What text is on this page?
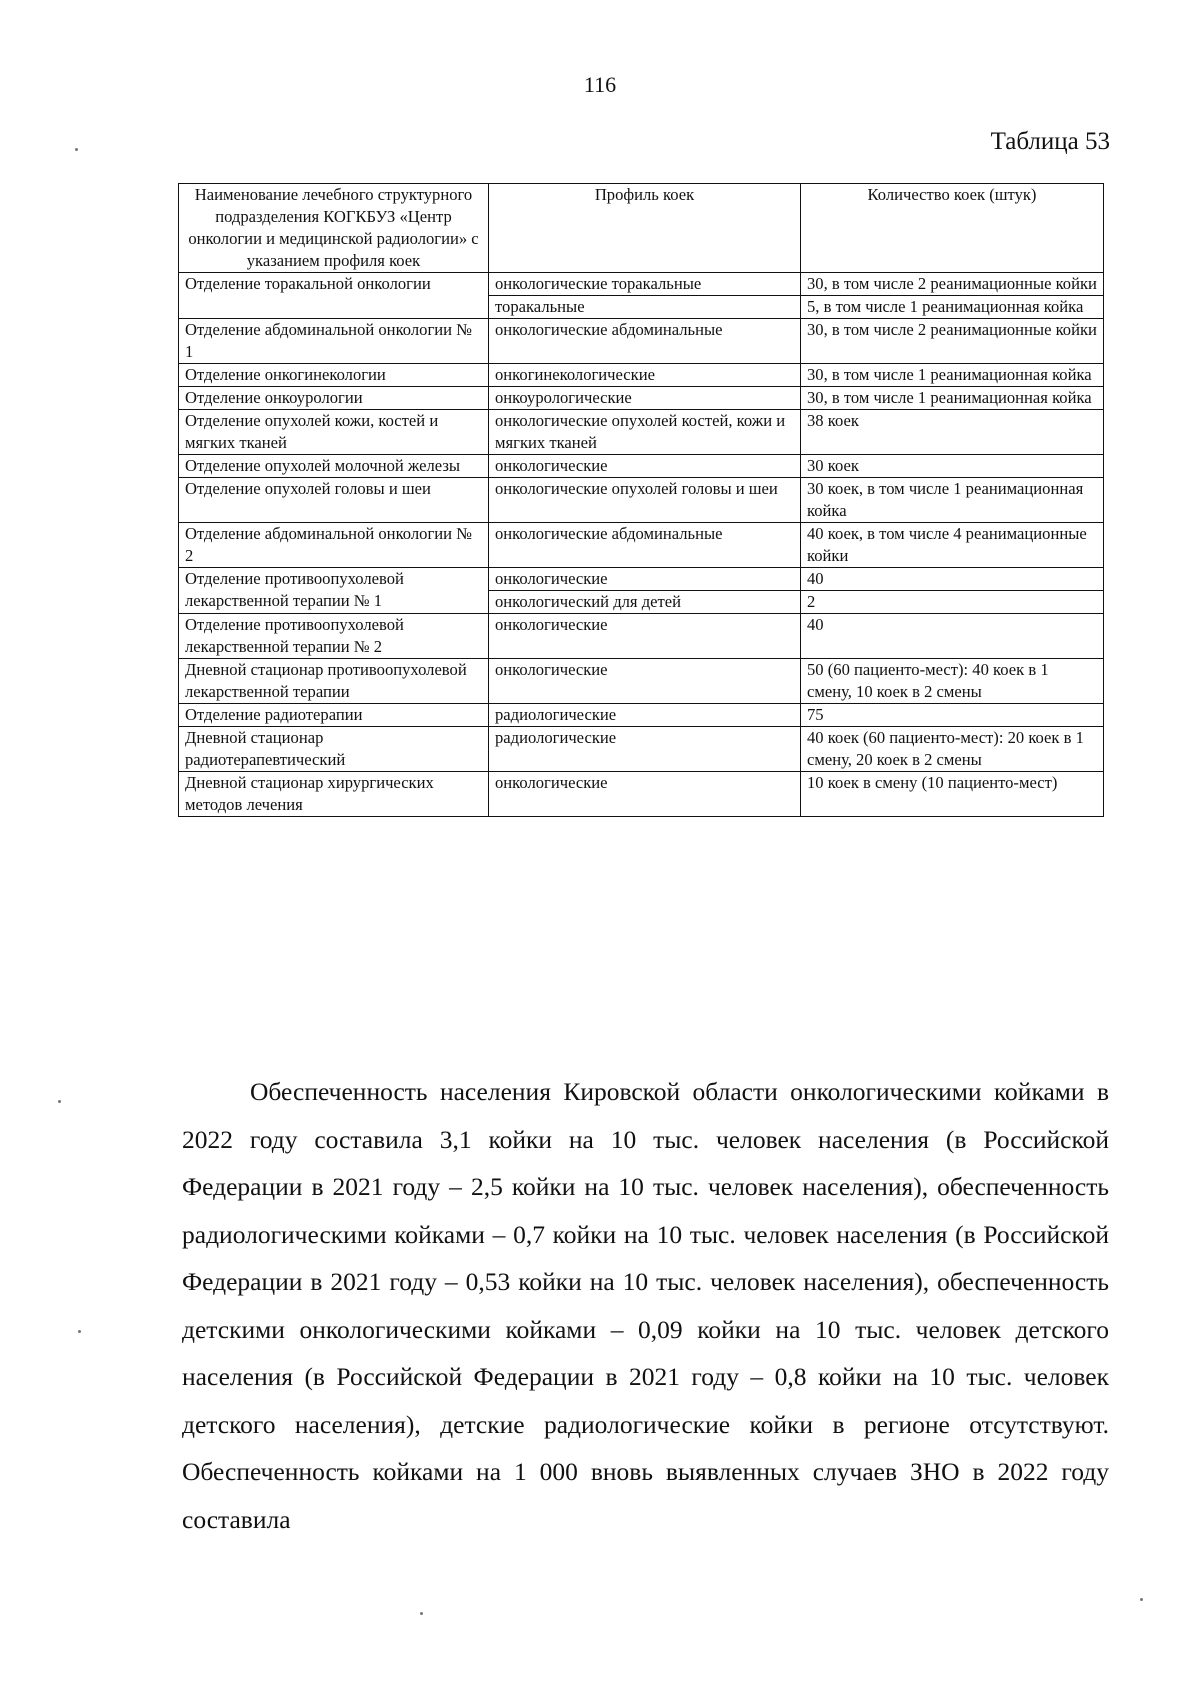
116
Таблица 53
Наименование лечебного структурного подразделения КОГКБУЗ «Центр онкологии и медицинской радиологии» с указанием профиля коек	Профиль коек	Количество коек (штук)
Отделение торакальной онкологии	онкологические торакальные	30, в том числе 2 реанимационные койки
	торакальные	5, в том числе 1 реанимационная койка
Отделение абдоминальной онкологии № 1	онкологические абдоминальные	30, в том числе 2 реанимационные койки
Отделение онкогинекологии	онкогинекологические	30, в том числе 1 реанимационная койка
Отделение онкоурологии	онкоурологические	30, в том числе 1 реанимационная койка
Отделение опухолей кожи, костей и мягких тканей	онкологические опухолей костей, кожи и мягких тканей	38 коек
Отделение опухолей молочной железы	онкологические	30 коек
Отделение опухолей головы и шеи	онкологические опухолей головы и шеи	30 коек, в том числе 1 реанимационная койка
Отделение абдоминальной онкологии № 2	онкологические абдоминальные	40 коек, в том числе 4 реанимационные койки
Отделение противоопухолевой лекарственной терапии № 1	онкологические	40
	онкологический для детей	2
Отделение противоопухолевой лекарственной терапии № 2	онкологические	40
Дневной стационар противоопухолевой лекарственной терапии	онкологические	50 (60 пациенто-мест): 40 коек в 1 смену, 10 коек в 2 смены
Отделение радиотерапии	радиологические	75
Дневной стационар радиотерапевтический	радиологические	40 коек (60 пациенто-мест): 20 коек в 1 смену, 20 коек в 2 смены
Дневной стационар хирургических методов лечения	онкологические	10 коек в смену (10 пациенто-мест)

Обеспеченность населения Кировской области онкологическими койками в 2022 году составила 3,1 койки на 10 тыс. человек населения (в Российской Федерации в 2021 году – 2,5 койки на 10 тыс. человек населения), обеспеченность радиологическими койками – 0,7 койки на 10 тыс. человек населения (в Российской Федерации в 2021 году – 0,53 койки на 10 тыс. человек населения), обеспеченность детскими онкологическими койками – 0,09 койки на 10 тыс. человек детского населения (в Российской Федерации в 2021 году – 0,8 койки на 10 тыс. человек детского населения), детские радиологические койки в регионе отсутствуют. Обеспеченность койками на 1 000 вновь выявленных случаев ЗНО в 2022 году составила
